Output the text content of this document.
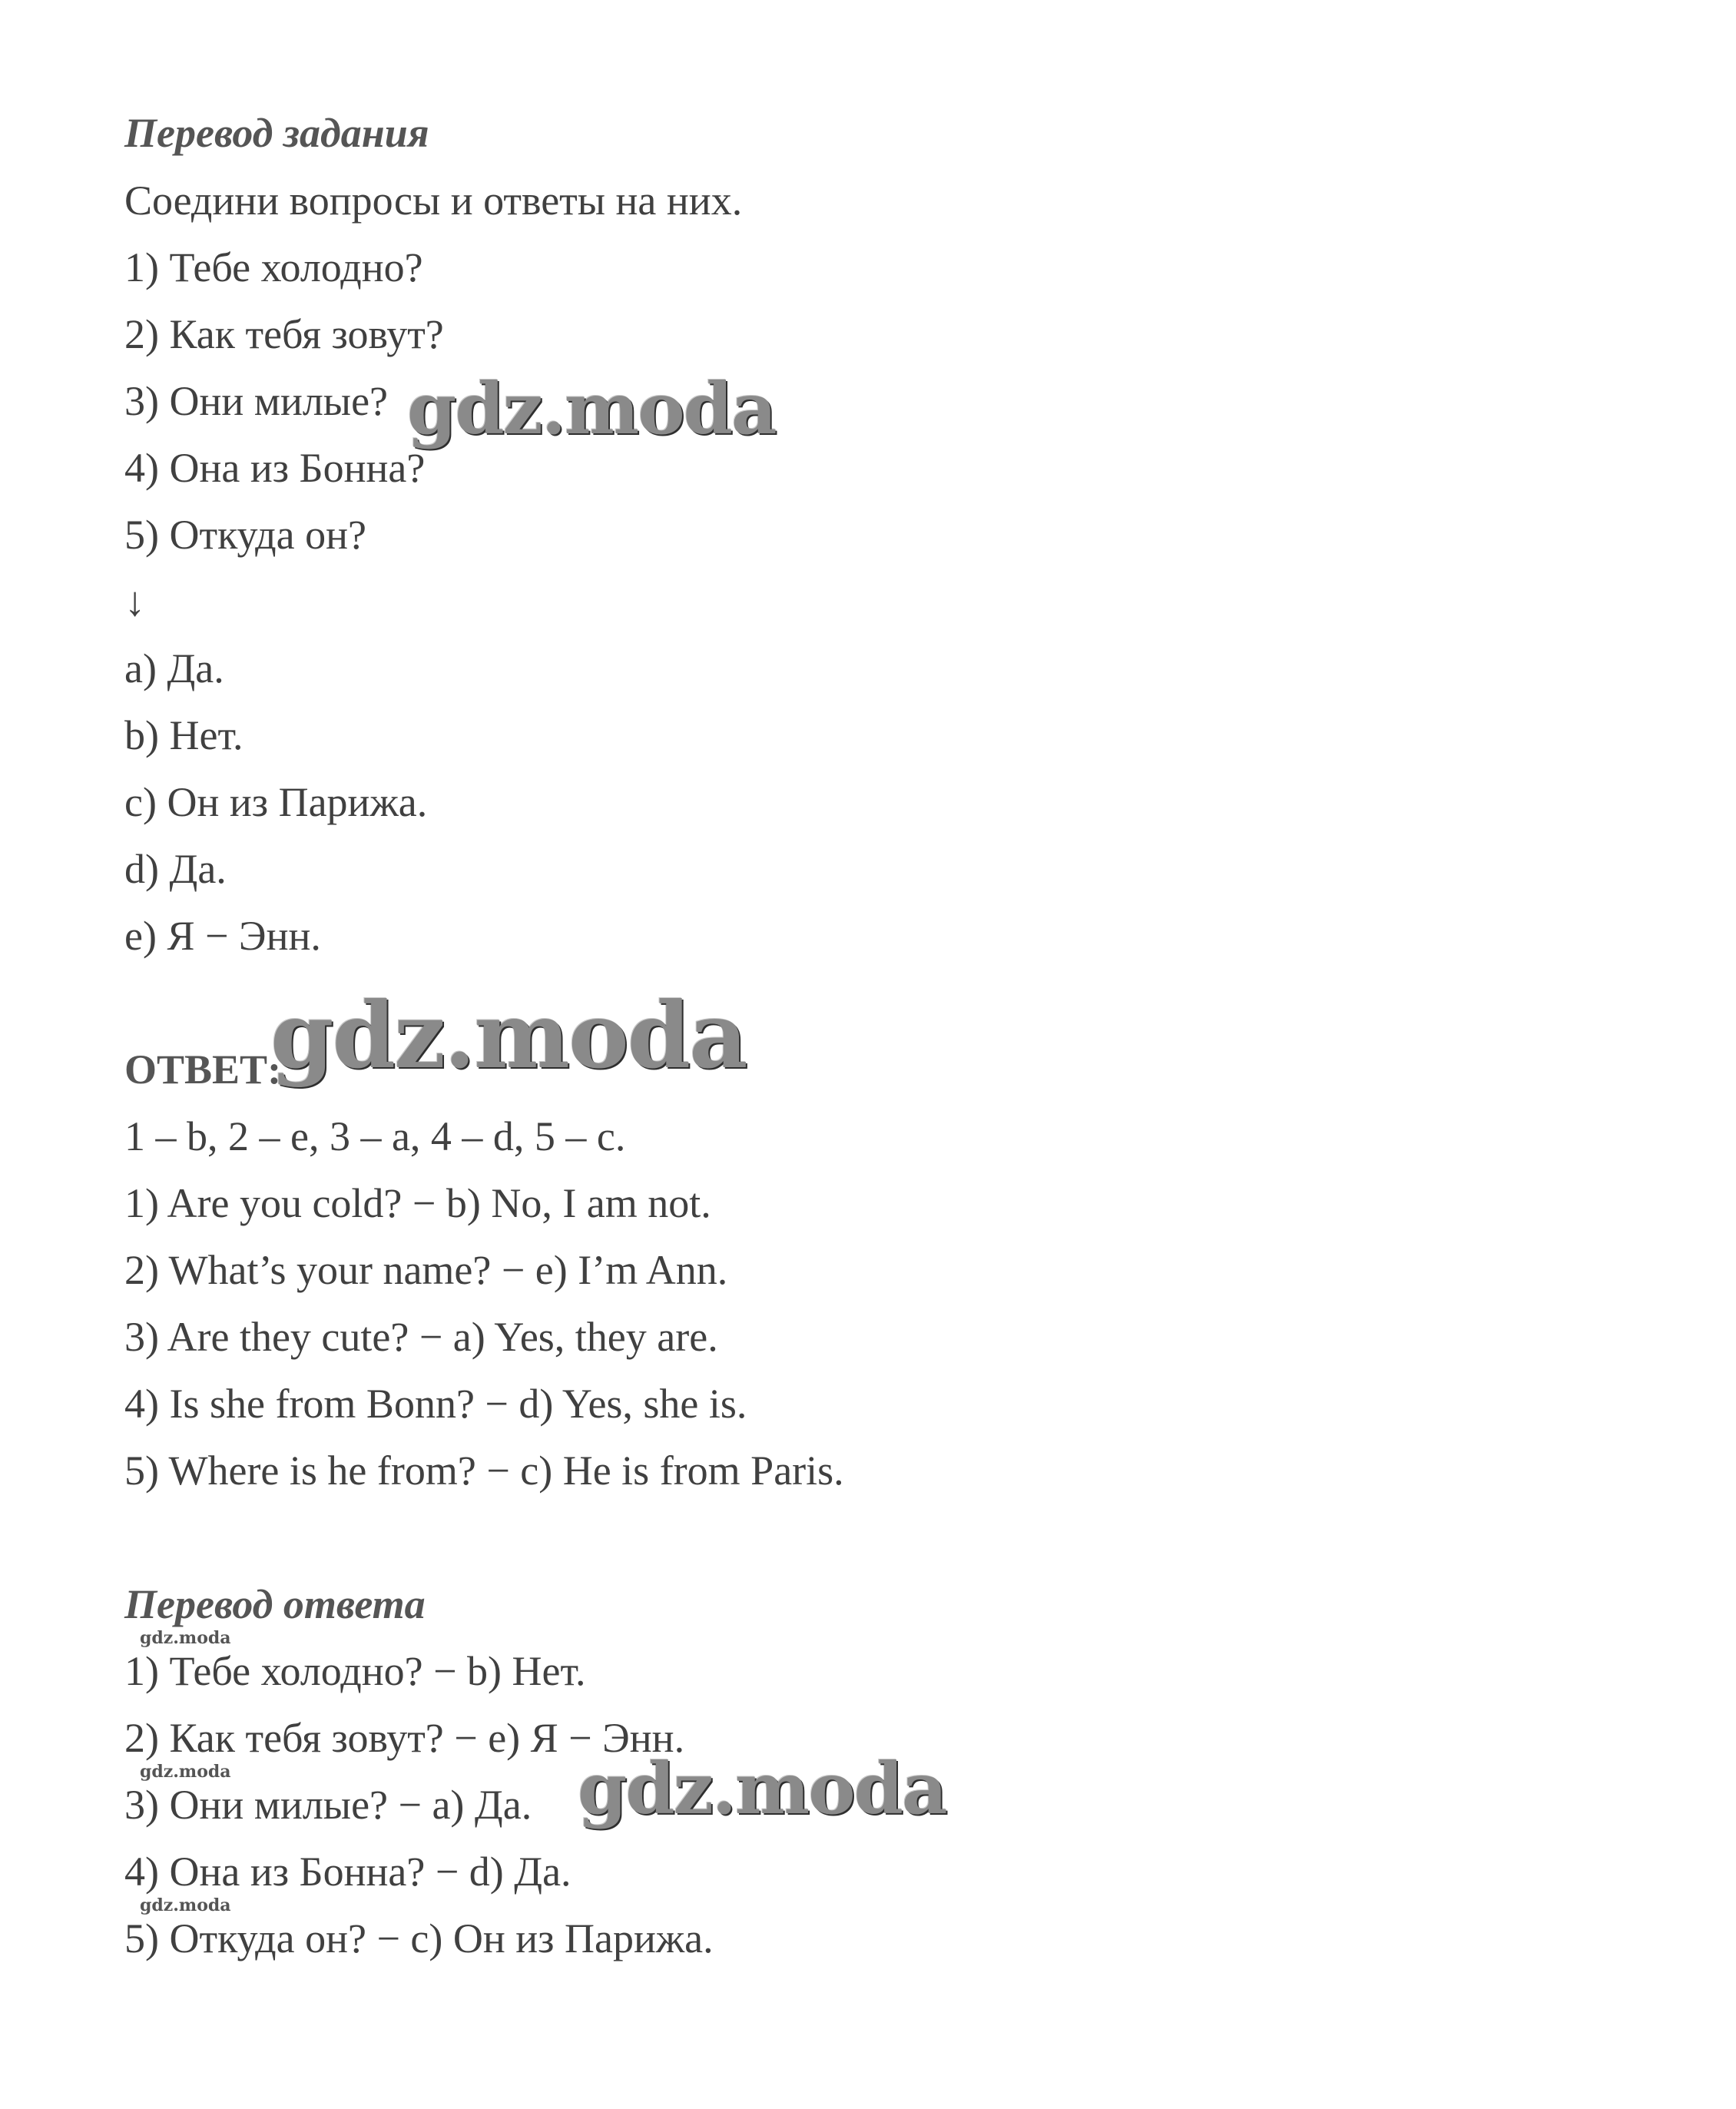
Перевод задания
Соедини вопросы и ответы на них.
1) Тебе холодно?
2) Как тебя зовут?
3) Они милые?
4) Она из Бонна?
5) Откуда он?
↓
a) Да.
b) Нет.
c) Он из Парижа.
d) Да.
e) Я − Энн.
ОТВЕТ:
1 – b, 2 – e, 3 – a, 4 – d, 5 – c.
1) Are you cold? − b) No, I am not.
2) What’s your name? − e) I’m Ann.
3) Are they cute? − a) Yes, they are.
4) Is she from Bonn? − d) Yes, she is.
5) Where is he from? − c) He is from Paris.
Перевод ответа
1) Тебе холодно? − b) Нет.
2) Как тебя зовут? − e) Я − Энн.
3) Они милые? − a) Да.
4) Она из Бонна? − d) Да.
5) Откуда он? − c) Он из Парижа.
gdz.moda
gdz.moda
gdz.moda
gdz.moda
gdz.moda
gdz.moda
